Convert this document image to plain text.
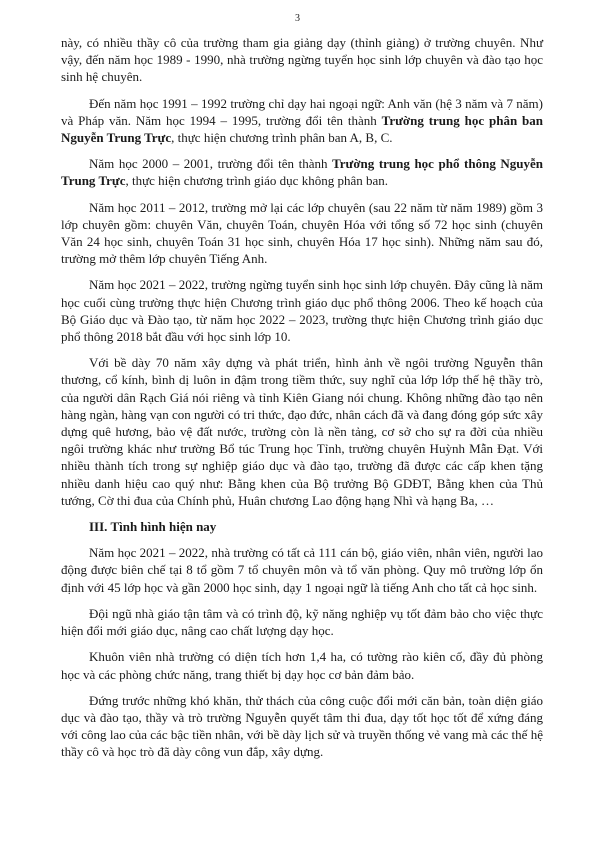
3

này, có nhiều thầy cô của trường tham gia giảng dạy (thỉnh giảng) ở trường chuyên. Như vậy, đến năm học 1989 - 1990, nhà trường ngừng tuyển học sinh lớp chuyên và đào tạo học sinh hệ chuyên.

Đến năm học 1991 – 1992 trường chỉ dạy hai ngoại ngữ: Anh văn (hệ 3 năm và 7 năm) và Pháp văn. Năm học 1994 – 1995, trường đổi tên thành Trường trung học phân ban Nguyễn Trung Trực, thực hiện chương trình phân ban A, B, C.

Năm học 2000 – 2001, trường đổi tên thành Trường trung học phổ thông Nguyễn Trung Trực, thực hiện chương trình giáo dục không phân ban.

Năm học 2011 – 2012, trường mở lại các lớp chuyên (sau 22 năm từ năm 1989) gồm 3 lớp chuyên gồm: chuyên Văn, chuyên Toán, chuyên Hóa với tổng số 72 học sinh (chuyên Văn 24 học sinh, chuyên Toán 31 học sinh, chuyên Hóa 17 học sinh). Những năm sau đó, trường mở thêm lớp chuyên Tiếng Anh.

Năm học 2021 – 2022, trường ngừng tuyển sinh học sinh lớp chuyên. Đây cũng là năm học cuối cùng trường thực hiện Chương trình giáo dục phổ thông 2006. Theo kế hoạch của Bộ Giáo dục và Đào tạo, từ năm học 2022 – 2023, trường thực hiện Chương trình giáo dục phổ thông 2018 bắt đầu với học sinh lớp 10.

Với bề dày 70 năm xây dựng và phát triển, hình ảnh về ngôi trường Nguyễn thân thương, cổ kính, bình dị luôn in đậm trong tiềm thức, suy nghĩ của lớp lớp thế hệ thầy trò, của người dân Rạch Giá nói riêng và tỉnh Kiên Giang nói chung. Không những đào tạo nên hàng ngàn, hàng vạn con người có tri thức, đạo đức, nhân cách đã và đang đóng góp sức xây dựng quê hương, bảo vệ đất nước, trường còn là nền tảng, cơ sở cho sự ra đời của nhiều ngôi trường khác như trường Bổ túc Trung học Tỉnh, trường chuyên Huỳnh Mẫn Đạt. Với nhiều thành tích trong sự nghiệp giáo dục và đào tạo, trường đã được các cấp khen tặng nhiều danh hiệu cao quý như: Bằng khen của Bộ trưởng Bộ GDĐT, Bằng khen của Thủ tướng, Cờ thi đua của Chính phủ, Huân chương Lao động hạng Nhì và hạng Ba, …

III. Tình hình hiện nay

Năm học 2021 – 2022, nhà trường có tất cả 111 cán bộ, giáo viên, nhân viên, người lao động được biên chế tại 8 tổ gồm 7 tổ chuyên môn và tổ văn phòng. Quy mô trường lớp ổn định với 45 lớp học và gần 2000 học sinh, dạy 1 ngoại ngữ là tiếng Anh cho tất cả học sinh.

Đội ngũ nhà giáo tận tâm và có trình độ, kỹ năng nghiệp vụ tốt đảm bảo cho việc thực hiện đổi mới giáo dục, nâng cao chất lượng dạy học.

Khuôn viên nhà trường có diện tích hơn 1,4 ha, có tường rào kiên cố, đầy đủ phòng học và các phòng chức năng, trang thiết bị dạy học cơ bản đảm bảo.

Đứng trước những khó khăn, thử thách của công cuộc đổi mới căn bản, toàn diện giáo dục và đào tạo, thầy và trò trường Nguyễn quyết tâm thi đua, dạy tốt học tốt để xứng đáng với công lao của các bậc tiền nhân, với bề dày lịch sử và truyền thống vẻ vang mà các thế hệ thầy cô và học trò đã dày công vun đắp, xây dựng.
